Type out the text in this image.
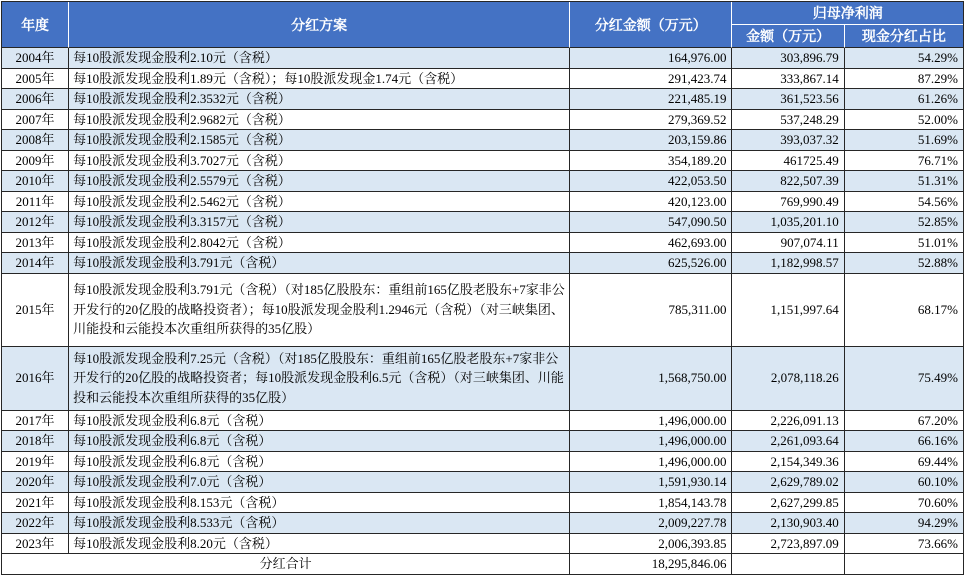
年度	分红方案	分红金额（万元）	归母净利润	
			金额（万元）	现金分红占比
2004年	每10股派发现金股利2.10元（含税）	164,976.00	303,896.79	54.29%
2005年	每10股派发现金股利1.89元（含税）；每10股派发现金1.74元（含税）	291,423.74	333,867.14	87.29%
2006年	每10股派发现金股利2.3532元（含税）	221,485.19	361,523.56	61.26%
2007年	每10股派发现金股利2.9682元（含税）	279,369.52	537,248.29	52.00%
2008年	每10股派发现金股利2.1585元（含税）	203,159.86	393,037.32	51.69%
2009年	每10股派发现金股利3.7027元（含税）	354,189.20	461725.49	76.71%
2010年	每10股派发现金股利2.5579元（含税）	422,053.50	822,507.39	51.31%
2011年	每10股派发现金股利2.5462元（含税）	420,123.00	769,990.49	54.56%
2012年	每10股派发现金股利3.3157元（含税）	547,090.50	1,035,201.10	52.85%
2013年	每10股派发现金股利2.8042元（含税）	462,693.00	907,074.11	51.01%
2014年	每10股派发现金股利3.791元（含税）	625,526.00	1,182,998.57	52.88%
2015年	每10股派发现金股利3.791元（含税）（对185亿股股东：重组前165亿股老股东+7家非公开发行的20亿股的战略投资者）；每10股派发现金股利1.2946元（含税）（对三峡集团、川能投和云能投本次重组所获得的35亿股）	785,311.00	1,151,997.64	68.17%
2016年	每10股派发现金股利7.25元（含税）（对185亿股股东：重组前165亿股老股东+7家非公开发行的20亿股的战略投资者；每10股派发现金股利6.5元（含税）（对三峡集团、川能投和云能投本次重组所获得的35亿股）	1,568,750.00	2,078,118.26	75.49%
2017年	每10股派发现金股利6.8元（含税）	1,496,000.00	2,226,091.13	67.20%
2018年	每10股派发现金股利6.8元（含税）	1,496,000.00	2,261,093.64	66.16%
2019年	每10股派发现金股利6.8元（含税）	1,496,000.00	2,154,349.36	69.44%
2020年	每10股派发现金股利7.0元（含税）	1,591,930.14	2,629,789.02	60.10%
2021年	每10股派发现金股利8.153元（含税）	1,854,143.78	2,627,299.85	70.60%
2022年	每10股派发现金股利8.533元（含税）	2,009,227.78	2,130,903.40	94.29%
2023年	每10股派发现金股利8.20元（含税）	2,006,393.85	2,723,897.09	73.66%
分红合计		18,295,846.06		
